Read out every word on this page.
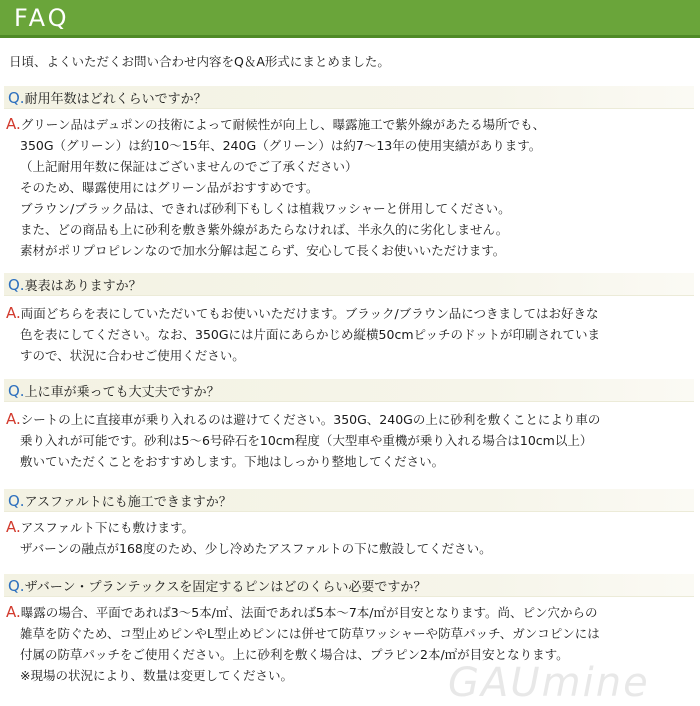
FAQ
日頃、よくいただくお問い合わせ内容をQ＆A形式にまとめました。
Q.耐用年数はどれくらいですか？
A.グリーン品はデュポンの技術によって耐候性が向上し、曝露施工で紫外線があたる場所でも、
350G（グリーン）は約10〜15年、240G（グリーン）は約7〜13年の使用実績があります。
（上記耐用年数に保証はございませんのでご了承ください）
そのため、曝露使用にはグリーン品がおすすめです。
ブラウン/ブラック品は、できれば砂利下もしくは植栽ワッシャーと併用してください。
また、どの商品も上に砂利を敷き紫外線があたらなければ、半永久的に劣化しません。
素材がポリプロピレンなので加水分解は起こらず、安心して長くお使いいただけます。
Q.裏表はありますか？
A.両面どちらを表にしていただいてもお使いいただけます。ブラック/ブラウン品につきましてはお好きな
色を表にしてください。なお、350Gには片面にあらかじめ縦横50cmピッチのドットが印刷されていま
すので、状況に合わせご使用ください。
Q.上に車が乗っても大丈夫ですか？
A.シートの上に直接車が乗り入れるのは避けてください。350G、240Gの上に砂利を敷くことにより車の
乗り入れが可能です。砂利は5〜6号砕石を10cm程度（大型車や重機が乗り入れる場合は10cm以上）
敷いていただくことをおすすめします。下地はしっかり整地してください。
Q.アスファルトにも施工できますか？
A.アスファルト下にも敷けます。
ザバーンの融点が168度のため、少し冷めたアスファルトの下に敷設してください。
Q.ザバーン・プランテックスを固定するピンはどのくらい必要ですか？
A.曝露の場合、平面であれば3〜5本/㎡、法面であれば5本〜7本/㎡が目安となります。尚、ピン穴からの
雑草を防ぐため、コ型止めピンやL型止めピンには併せて防草ワッシャーや防草パッチ、ガンコピンには
付属の防草パッチをご使用ください。上に砂利を敷く場合は、プラピン2本/㎡が目安となります。
※現場の状況により、数量は変更してください。	GAUmine
